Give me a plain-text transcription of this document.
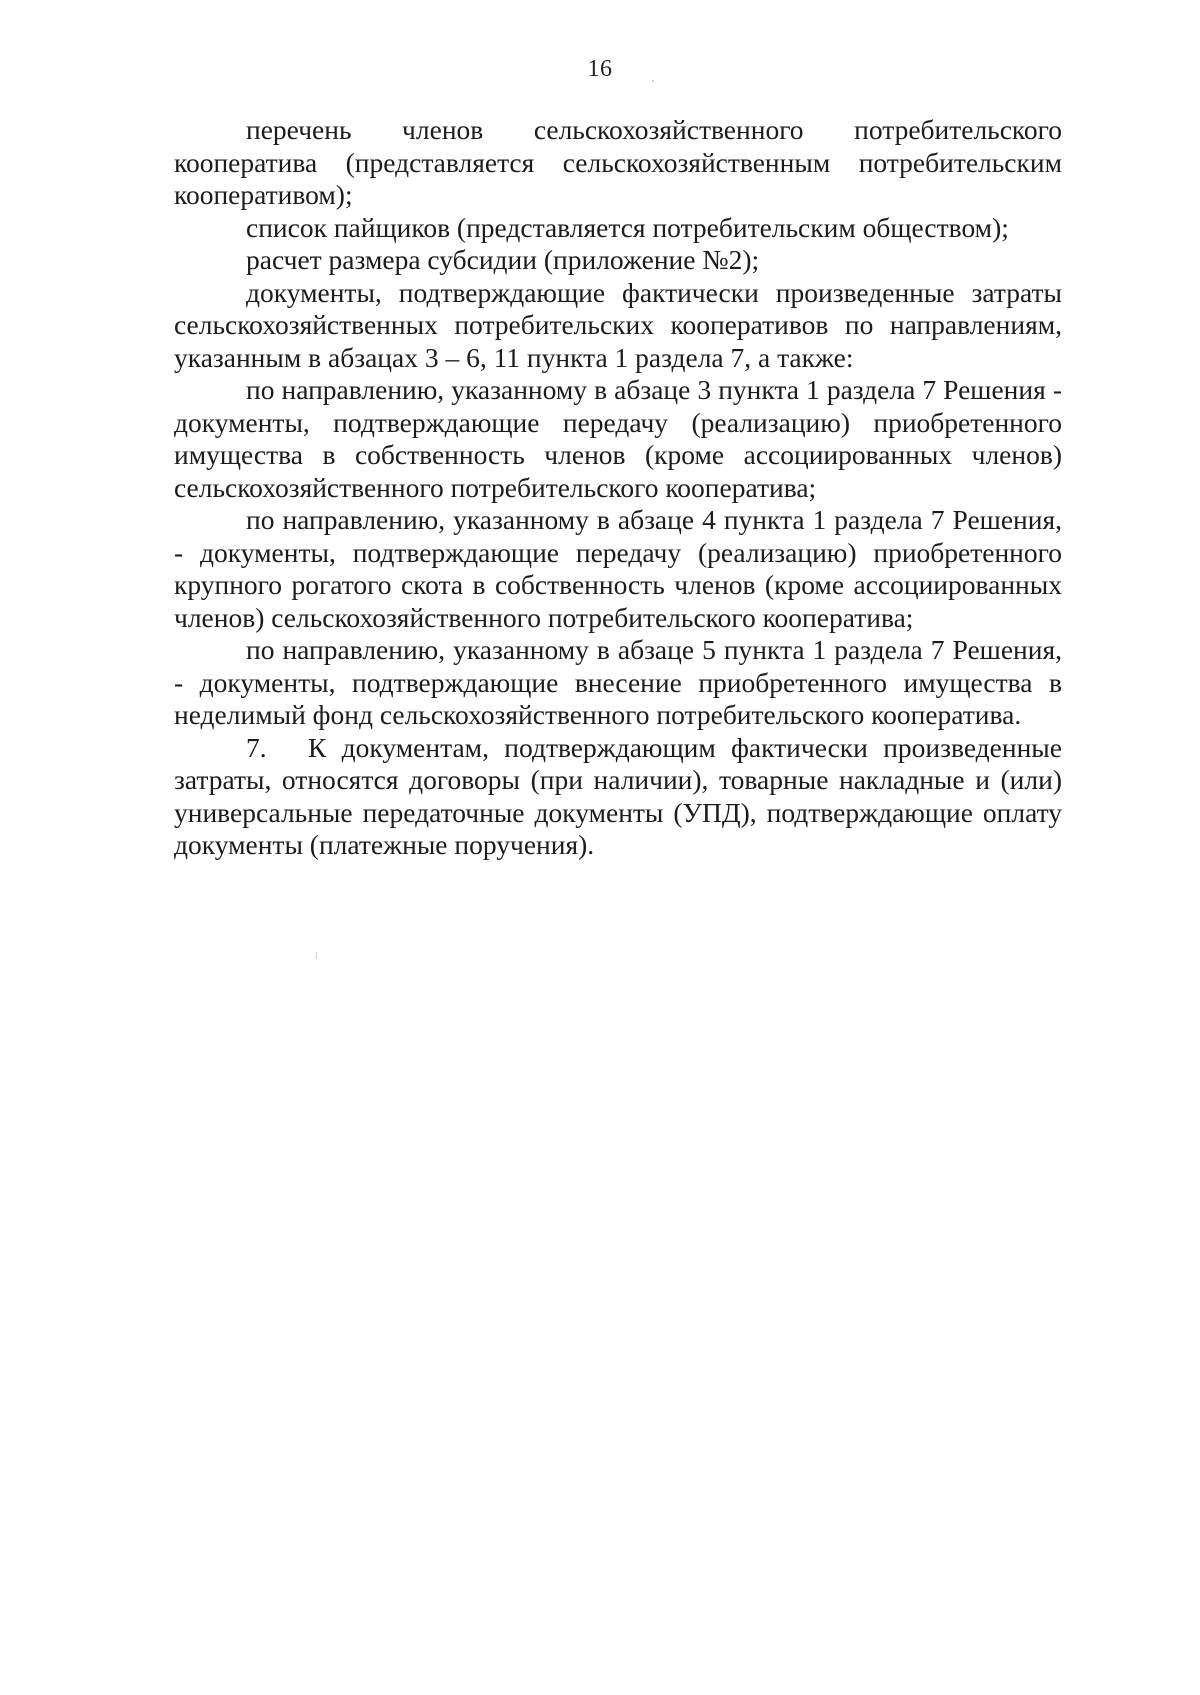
16

перечень членов сельскохозяйственного потребительского кооператива (представляется сельскохозяйственным потребительским кооперативом);

список пайщиков (представляется потребительским обществом);

расчет размера субсидии (приложение №2);

документы, подтверждающие фактически произведенные затраты сельскохозяйственных потребительских кооперативов по направлениям, указанным в абзацах 3 – 6, 11 пункта 1 раздела 7, а также:

по направлению, указанному в абзаце 3 пункта 1 раздела 7 Решения - документы, подтверждающие передачу (реализацию) приобретенного имущества в собственность членов (кроме ассоциированных членов) сельскохозяйственного потребительского кооператива;

по направлению, указанному в абзаце 4 пункта 1 раздела 7 Решения, - документы, подтверждающие передачу (реализацию) приобретенного крупного рогатого скота в собственность членов (кроме ассоциированных членов) сельскохозяйственного потребительского кооператива;

по направлению, указанному в абзаце 5 пункта 1 раздела 7 Решения, - документы, подтверждающие внесение приобретенного имущества в неделимый фонд сельскохозяйственного потребительского кооператива.

7. К документам, подтверждающим фактически произведенные затраты, относятся договоры (при наличии), товарные накладные и (или) универсальные передаточные документы (УПД), подтверждающие оплату документы (платежные поручения).
